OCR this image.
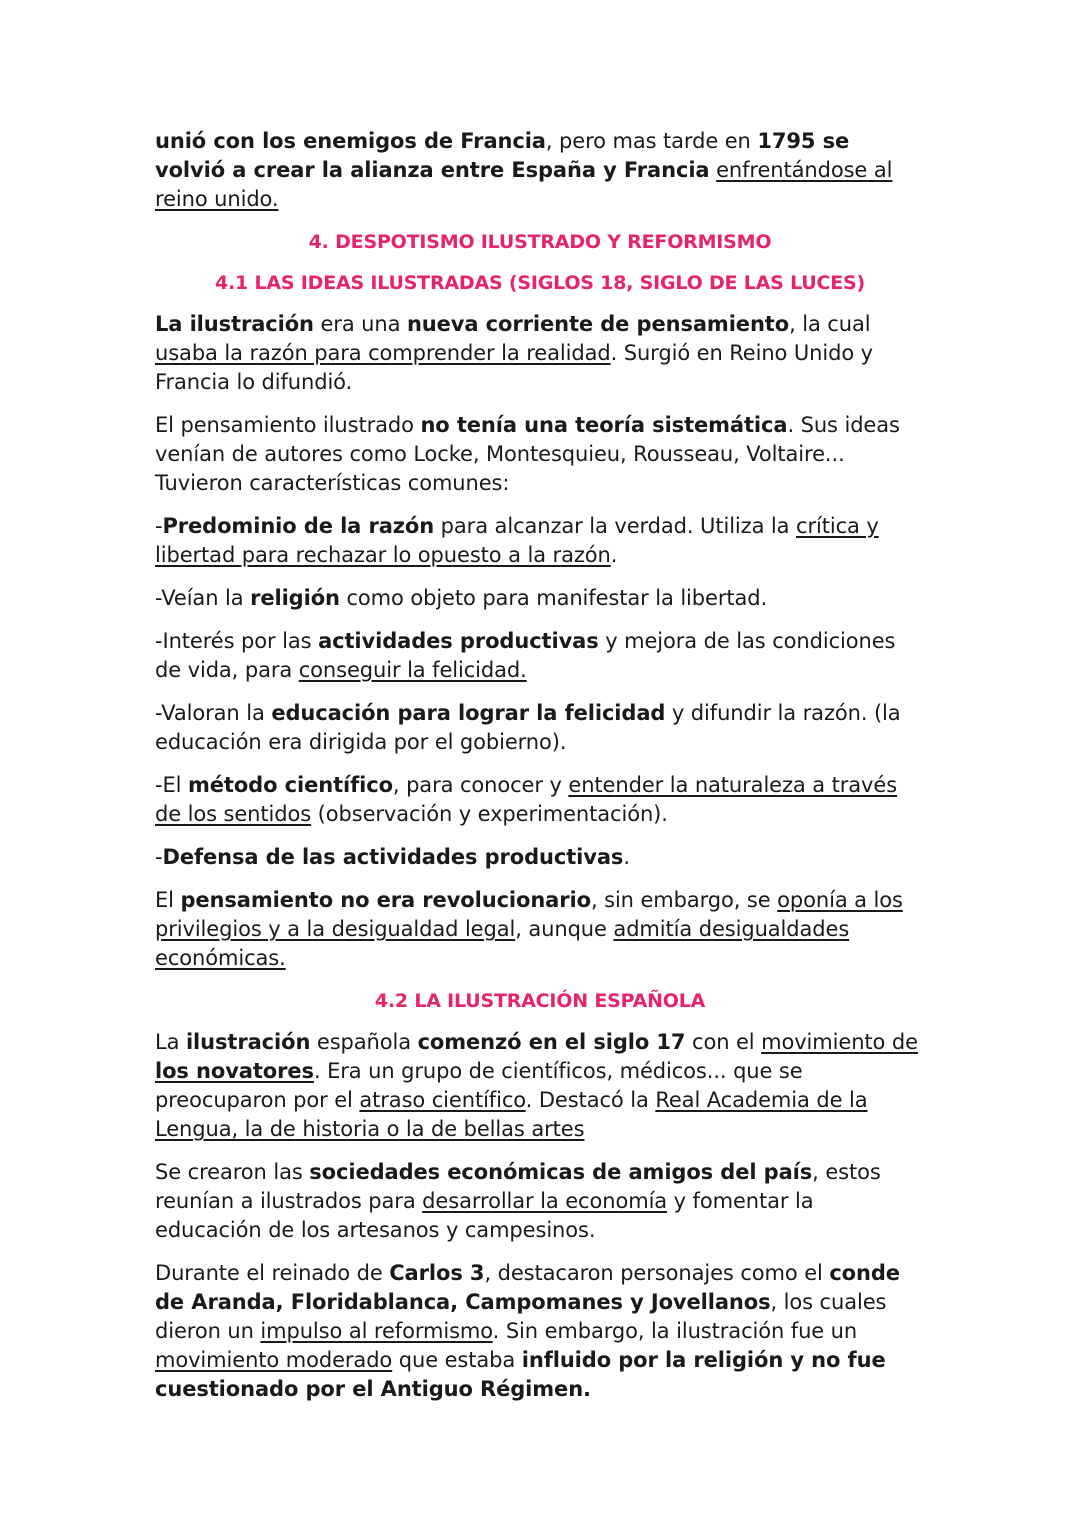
unió con los enemigos de Francia, pero mas tarde en 1795 se volvió a crear la alianza entre España y Francia enfrentándose al reino unido.

4. DESPOTISMO ILUSTRADO Y REFORMISMO
4.1 LAS IDEAS ILUSTRADAS (SIGLOS 18, SIGLO DE LAS LUCES)

La ilustración era una nueva corriente de pensamiento, la cual usaba la razón para comprender la realidad. Surgió en Reino Unido y Francia lo difundió.

El pensamiento ilustrado no tenía una teoría sistemática. Sus ideas venían de autores como Locke, Montesquieu, Rousseau, Voltaire... Tuvieron características comunes:

-Predominio de la razón para alcanzar la verdad. Utiliza la crítica y libertad para rechazar lo opuesto a la razón.

-Veían la religión como objeto para manifestar la libertad.

-Interés por las actividades productivas y mejora de las condiciones de vida, para conseguir la felicidad.

-Valoran la educación para lograr la felicidad y difundir la razón. (la educación era dirigida por el gobierno).

-El método científico, para conocer y entender la naturaleza a través de los sentidos (observación y experimentación).

-Defensa de las actividades productivas.

El pensamiento no era revolucionario, sin embargo, se oponía a los privilegios y a la desigualdad legal, aunque admitía desigualdades económicas.

4.2 LA ILUSTRACIÓN ESPAÑOLA

La ilustración española comenzó en el siglo 17 con el movimiento de los novatores. Era un grupo de científicos, médicos... que se preocuparon por el atraso científico. Destacó la Real Academia de la Lengua, la de historia o la de bellas artes

Se crearon las sociedades económicas de amigos del país, estos reunían a ilustrados para desarrollar la economía y fomentar la educación de los artesanos y campesinos.

Durante el reinado de Carlos 3, destacaron personajes como el conde de Aranda, Floridablanca, Campomanes y Jovellanos, los cuales dieron un impulso al reformismo. Sin embargo, la ilustración fue un movimiento moderado que estaba influido por la religión y no fue cuestionado por el Antiguo Régimen.
